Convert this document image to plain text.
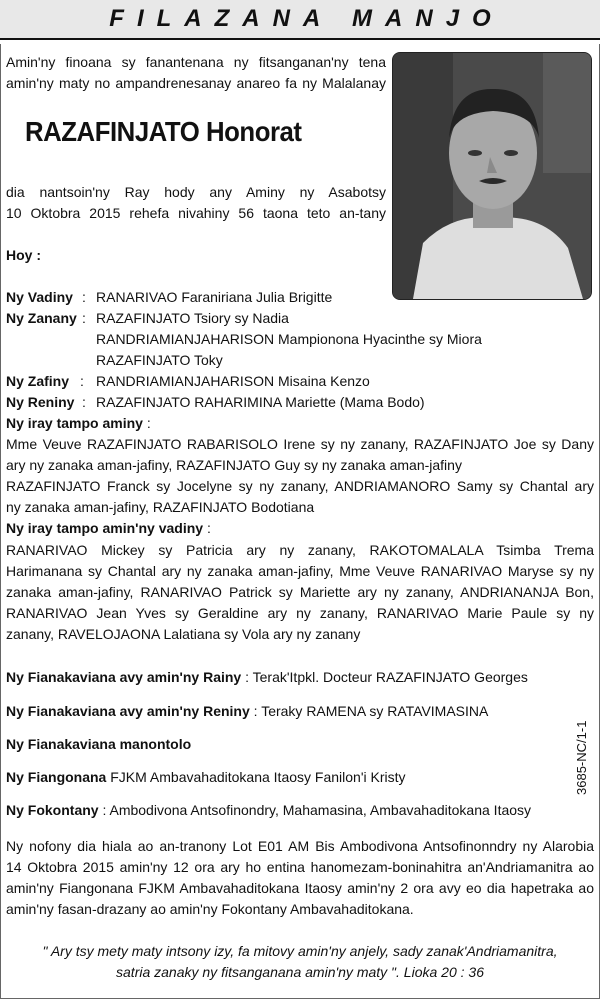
FILAZANA MANJO
Amin'ny finoana sy fanantenana ny fitsanganan'ny tena
amin'ny maty no ampandrenesanay anareo fa ny Malalanay
RAZAFINJATO Honorat
dia nantsoin'ny Ray hody any Aminy ny Asabotsy
10 Oktobra 2015 rehefa nivahiny 56 taona teto an-tany
Hoy :
Ny Vadiny : RANARIVAO Faraniriana Julia Brigitte
Ny Zanany : RAZAFINJATO Tsiory sy Nadia
RANDRIAMIANJAHARISON Mampionona Hyacinthe sy Miora
RAZAFINJATO Toky
Ny Zafiny : RANDRIAMIANJAHARISON Misaina Kenzo
Ny Reniny : RAZAFINJATO RAHARIMINA Mariette (Mama Bodo)
Ny iray tampo aminy :
Mme Veuve RAZAFINJATO RABARISOLO Irene sy ny zanany, RAZAFINJATO Joe sy Dany
ary ny zanaka aman-jafiny, RAZAFINJATO Guy sy ny zanaka aman-jafiny
RAZAFINJATO Franck sy Jocelyne sy ny zanany, ANDRIAMANORO Samy sy Chantal ary
ny zanaka aman-jafiny, RAZAFINJATO Bodotiana
Ny iray tampo amin'ny vadiny :
RANARIVAO Mickey sy Patricia ary ny zanany, RAKOTOMALALA Tsimba Trema
Harimanana sy Chantal ary ny zanaka aman-jafiny, Mme Veuve RANARIVAO Maryse sy ny
zanaka aman-jafiny, RANARIVAO Patrick sy Mariette ary ny zanany, ANDRIANANJA Bon,
RANARIVAO Jean Yves sy Geraldine ary ny zanany, RANARIVAO Marie Paule sy ny
zanany, RAVELOJAONA Lalatiana sy Vola ary ny zanany
Ny Fianakaviana avy amin'ny Rainy : Terak'Itpkl. Docteur RAZAFINJATO Georges
Ny Fianakaviana avy amin'ny Reniny : Teraky RAMENA sy RATAVIMASINA
Ny Fianakaviana manontolo
Ny Fiangonana FJKM Ambavahaditokana Itaosy Fanilon'i Kristy
Ny Fokontany : Ambodivona Antsofinondry, Mahamasina, Ambavahaditokana Itaosy
3685-NC/1-1
Ny nofony dia hiala ao an-tranony Lot E01 AM Bis Ambodivona Antsofinonndry ny Alarobia
14 Oktobra 2015 amin'ny 12 ora ary ho entina hanomezam-boninahitra an'Andriamanitra ao
amin'ny Fiangonana FJKM Ambavahaditokana Itaosy amin'ny 2 ora avy eo dia hapetraka ao
amin'ny fasan-drazany ao amin'ny Fokontany Ambavahaditokana.
" Ary tsy mety maty intsony izy, fa mitovy amin'ny anjely, sady zanak'Andriamanitra,
satria zanaky ny fitsanganana amin'ny maty ". Lioka 20 : 36
